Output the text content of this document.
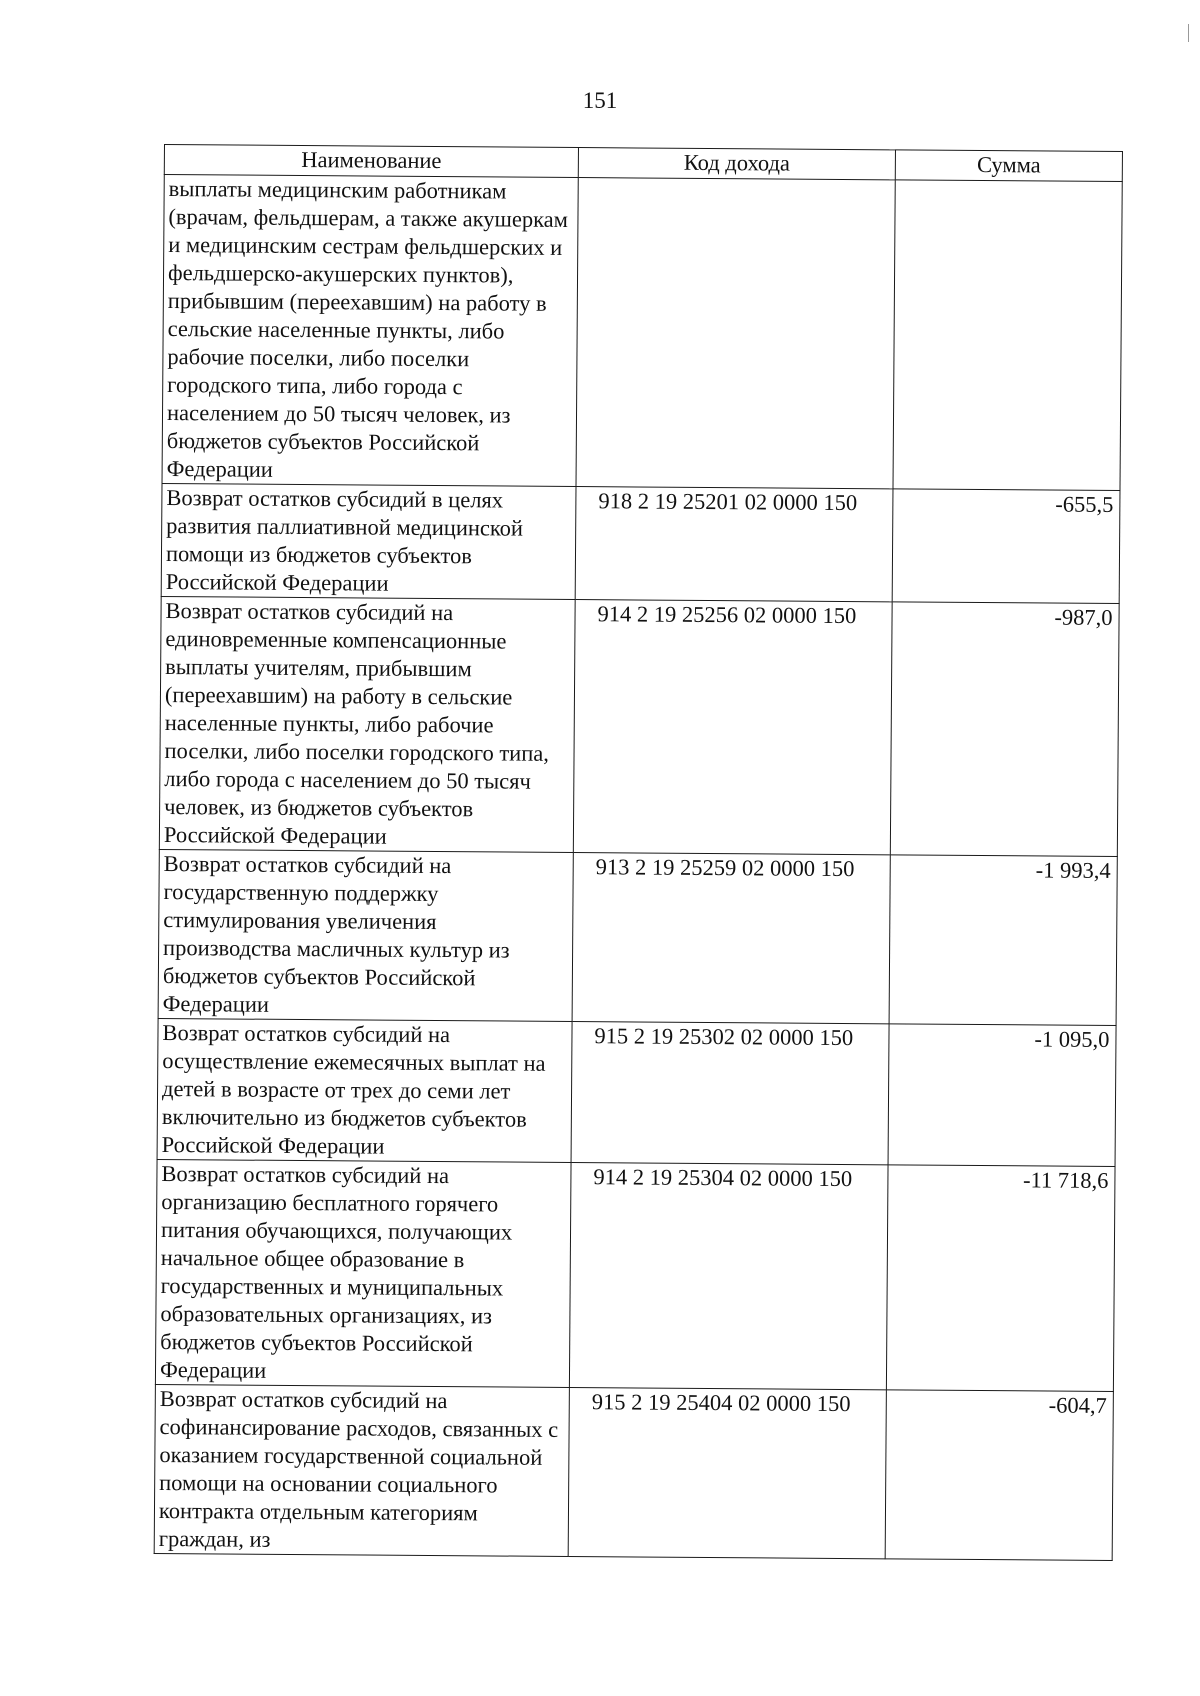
151
Наименование	Код дохода	Сумма
выплаты медицинским работникам (врачам, фельдшерам, а также акушеркам и медицинским сестрам фельдшерских и фельдшерско-акушерских пунктов), прибывшим (переехавшим) на работу в сельские населенные пункты, либо рабочие поселки, либо поселки городского типа, либо города с населением до 50 тысяч человек, из бюджетов субъектов Российской Федерации		
Возврат остатков субсидий в целях развития паллиативной медицинской помощи из бюджетов субъектов Российской Федерации	918 2 19 25201 02 0000 150	-655,5
Возврат остатков субсидий на единовременные компенсационные выплаты учителям, прибывшим (переехавшим) на работу в сельские населенные пункты, либо рабочие поселки, либо поселки городского типа, либо города с населением до 50 тысяч человек, из бюджетов субъектов Российской Федерации	914 2 19 25256 02 0000 150	-987,0
Возврат остатков субсидий на государственную поддержку стимулирования увеличения производства масличных культур из бюджетов субъектов Российской Федерации	913 2 19 25259 02 0000 150	-1 993,4
Возврат остатков субсидий на осуществление ежемесячных выплат на детей в возрасте от трех до семи лет включительно из бюджетов субъектов Российской Федерации	915 2 19 25302 02 0000 150	-1 095,0
Возврат остатков субсидий на организацию бесплатного горячего питания обучающихся, получающих начальное общее образование в государственных и муниципальных образовательных организациях, из бюджетов субъектов Российской Федерации	914 2 19 25304 02 0000 150	-11 718,6
Возврат остатков субсидий на софинансирование расходов, связанных с оказанием государственной социальной помощи на основании социального контракта отдельным категориям граждан, из	915 2 19 25404 02 0000 150	-604,7
